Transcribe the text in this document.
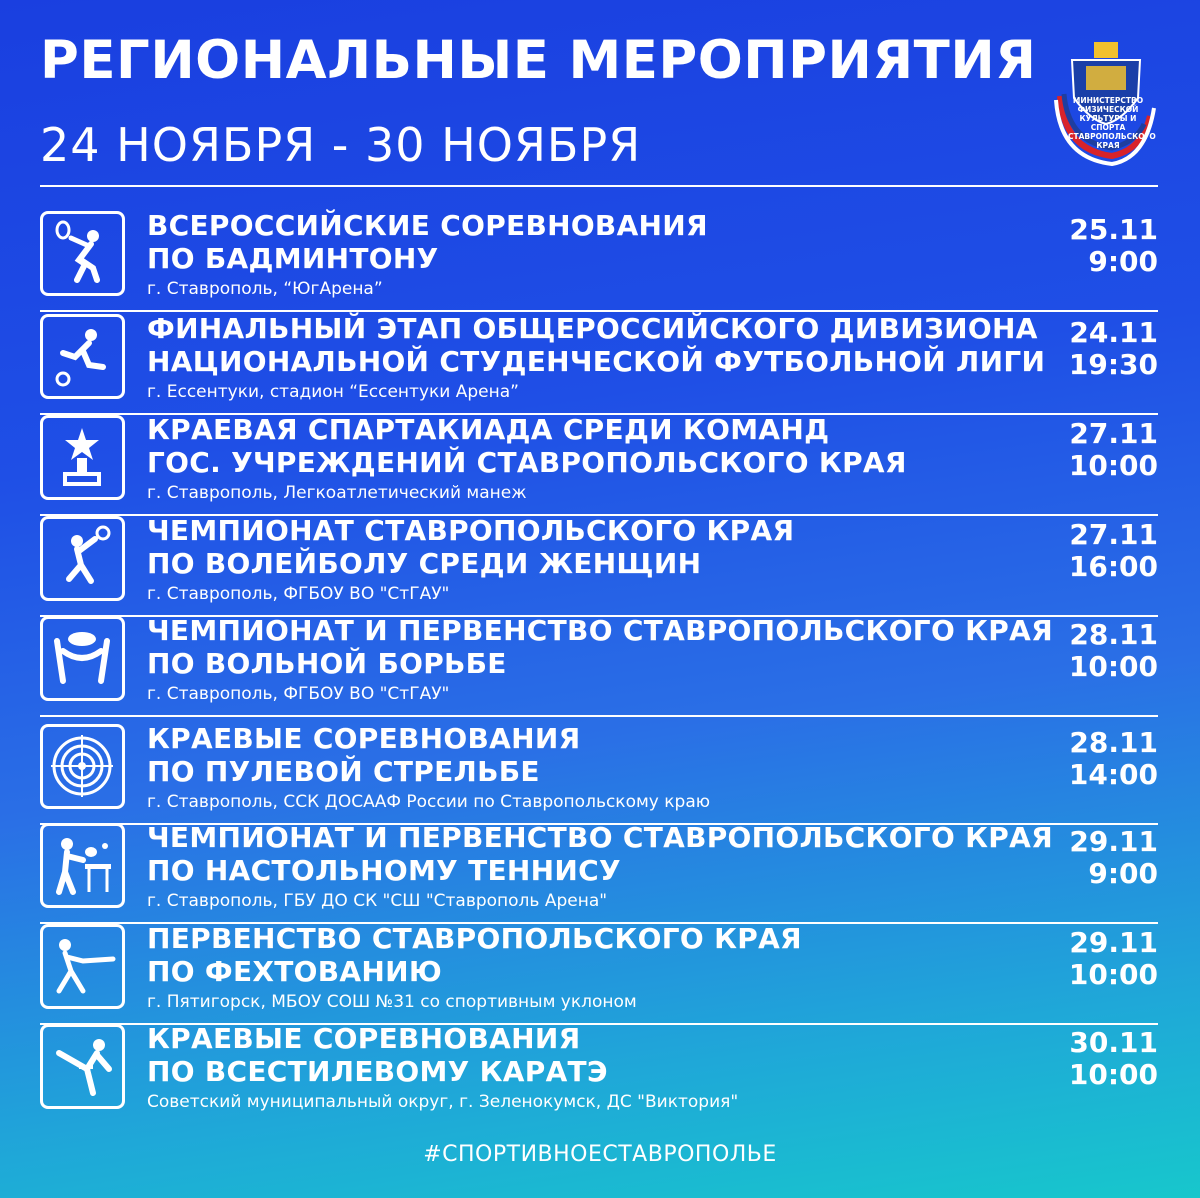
РЕГИОНАЛЬНЫЕ МЕРОПРИЯТИЯ
24 НОЯБРЯ - 30 НОЯБРЯ
МИНИСТЕРСТВО ФИЗИЧЕСКОЙ КУЛЬТУРЫ И СПОРТА СТАВРОПОЛЬСКОГО КРАЯ
ВСЕРОССИЙСКИЕ СОРЕВНОВАНИЯ
ПО БАДМИНТОНУ
г. Ставрополь, “ЮгАрена”
25.11
9:00
ФИНАЛЬНЫЙ ЭТАП ОБЩЕРОССИЙСКОГО ДИВИЗИОНА
НАЦИОНАЛЬНОЙ СТУДЕНЧЕСКОЙ ФУТБОЛЬНОЙ ЛИГИ
г. Ессентуки, стадион “Ессентуки Арена”
24.11
19:30
КРАЕВАЯ СПАРТАКИАДА СРЕДИ КОМАНД
ГОС. УЧРЕЖДЕНИЙ СТАВРОПОЛЬСКОГО КРАЯ
г. Ставрополь, Легкоатлетический манеж
27.11
10:00
ЧЕМПИОНАТ СТАВРОПОЛЬСКОГО КРАЯ
ПО ВОЛЕЙБОЛУ СРЕДИ ЖЕНЩИН
г. Ставрополь, ФГБОУ ВО "СтГАУ"
27.11
16:00
ЧЕМПИОНАТ И ПЕРВЕНСТВО СТАВРОПОЛЬСКОГО КРАЯ
ПО ВОЛЬНОЙ БОРЬБЕ
г. Ставрополь, ФГБОУ ВО "СтГАУ"
28.11
10:00
КРАЕВЫЕ СОРЕВНОВАНИЯ
ПО ПУЛЕВОЙ СТРЕЛЬБЕ
г. Ставрополь, ССК ДОСААФ России по Ставропольскому краю
28.11
14:00
ЧЕМПИОНАТ И ПЕРВЕНСТВО СТАВРОПОЛЬСКОГО КРАЯ
ПО НАСТОЛЬНОМУ ТЕННИСУ
г. Ставрополь, ГБУ ДО СК "СШ "Ставрополь Арена"
29.11
9:00
ПЕРВЕНСТВО СТАВРОПОЛЬСКОГО КРАЯ
ПО ФЕХТОВАНИЮ
г. Пятигорск, МБОУ СОШ №31 со спортивным уклоном
29.11
10:00
КРАЕВЫЕ СОРЕВНОВАНИЯ
ПО ВСЕСТИЛЕВОМУ КАРАТЭ
Советский муниципальный округ, г. Зеленокумск, ДС "Виктория"
30.11
10:00
#СПОРТИВНОЕСТАВРОПОЛЬЕ
